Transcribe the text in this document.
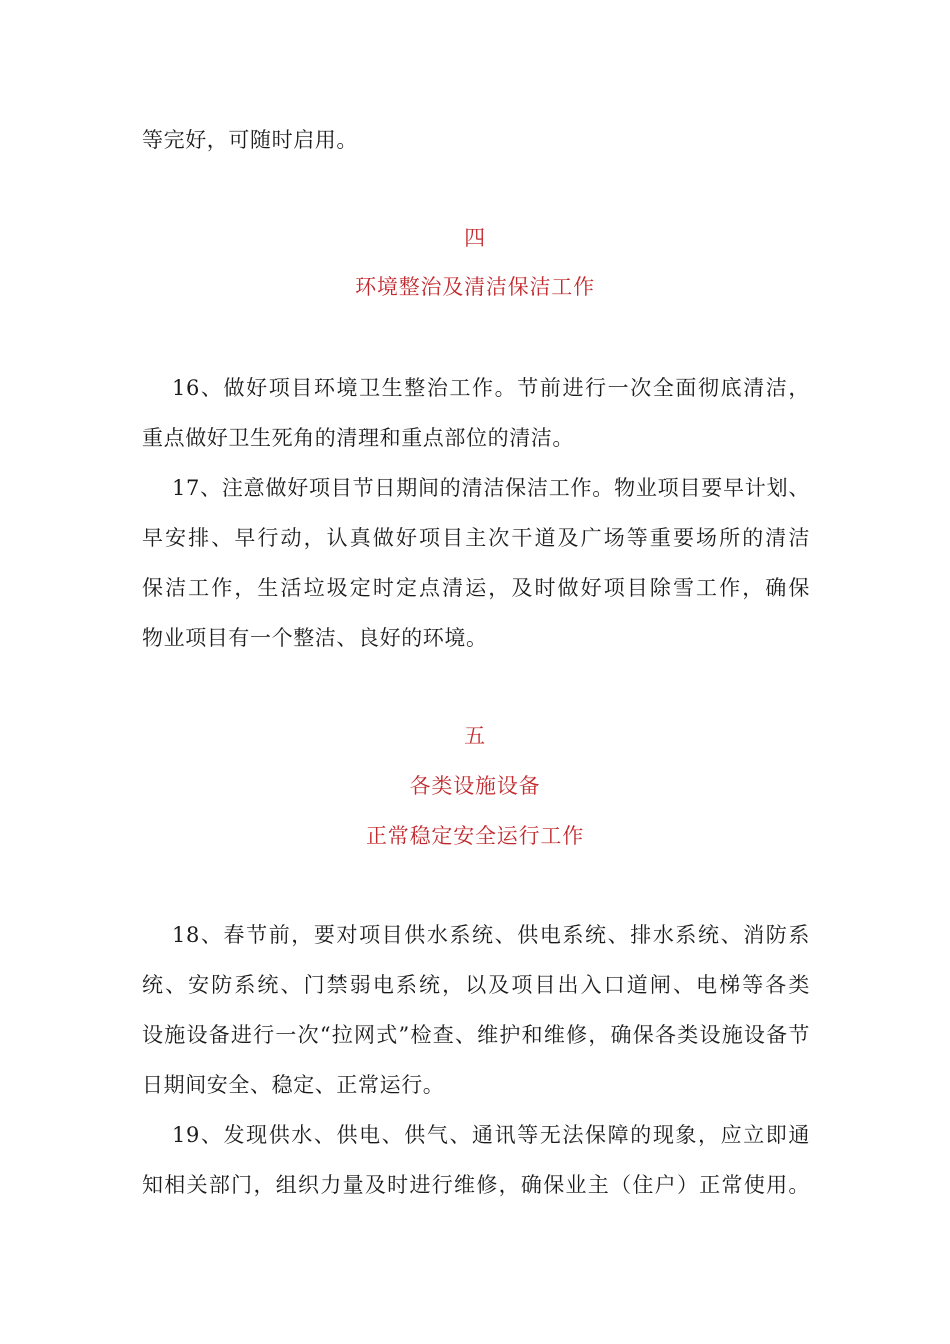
等完好，可随时启用。
四
环境整治及清洁保洁工作
16、做好项目环境卫生整治工作。节前进行一次全面彻底清洁，
重点做好卫生死角的清理和重点部位的清洁。
17、注意做好项目节日期间的清洁保洁工作。物业项目要早计划、
早安排、早行动，认真做好项目主次干道及广场等重要场所的清洁
保洁工作，生活垃圾定时定点清运，及时做好项目除雪工作，确保
物业项目有一个整洁、良好的环境。
五
各类设施设备
正常稳定安全运行工作
18、春节前，要对项目供水系统、供电系统、排水系统、消防系
统、安防系统、门禁弱电系统，以及项目出入口道闸、电梯等各类
设施设备进行一次“拉网式”检查、维护和维修，确保各类设施设备节
日期间安全、稳定、正常运行。
19、发现供水、供电、供气、通讯等无法保障的现象，应立即通
知相关部门，组织力量及时进行维修，确保业主（住户）正常使用。
